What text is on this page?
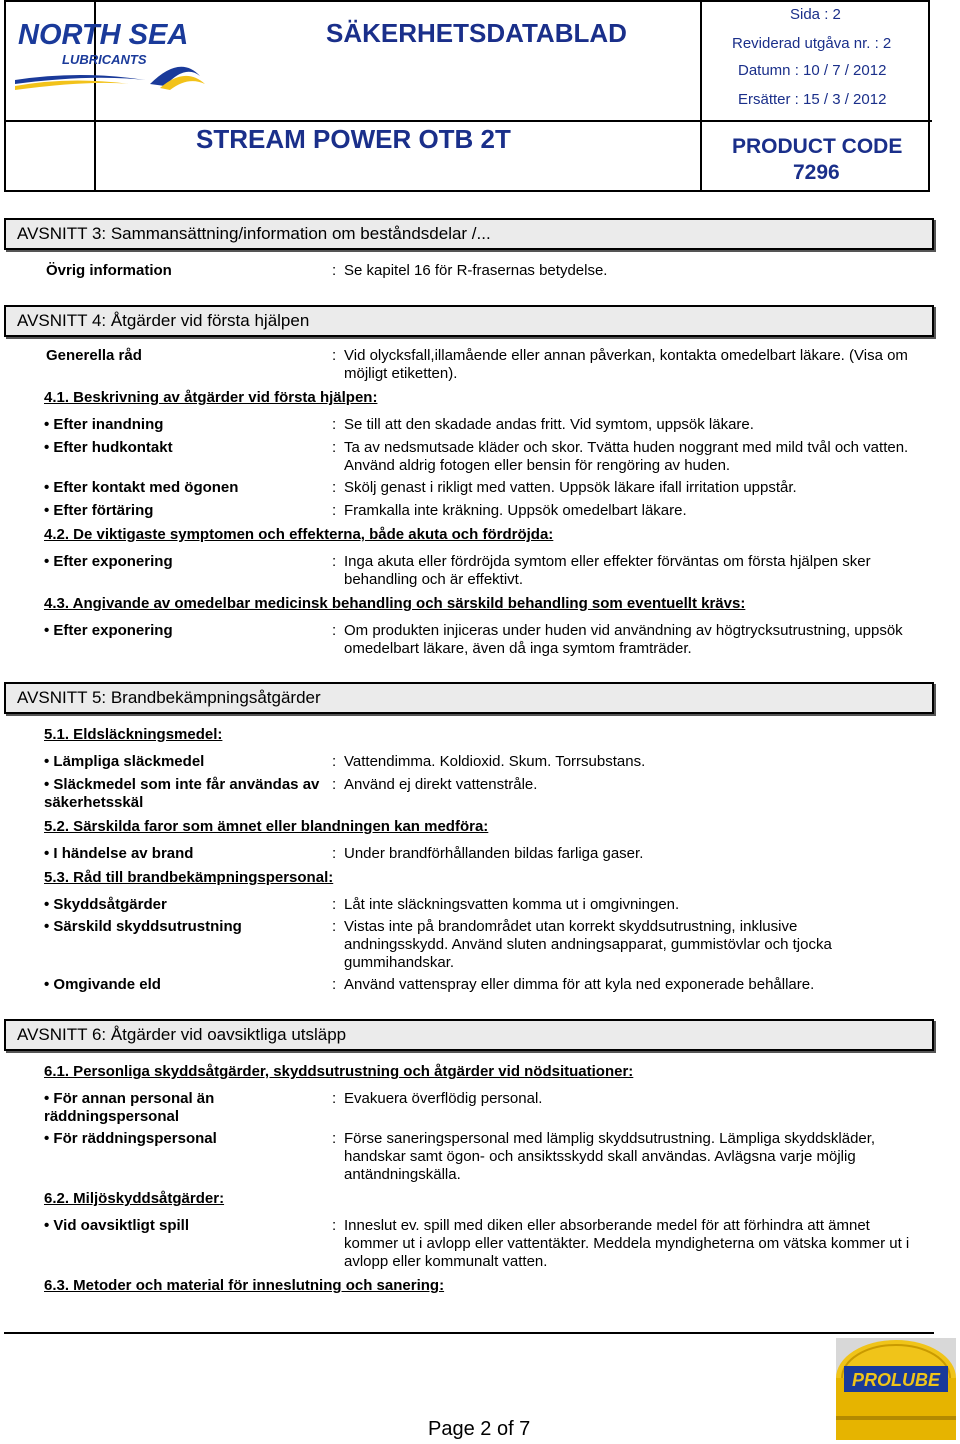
NORTH SEA
LUBRICANTS
SÄKERHETSDATABLAD
STREAM POWER OTB 2T
Sida : 2
Reviderad utgåva nr. : 2
Datumn : 10 / 7 / 2012
Ersätter : 15 / 3 / 2012
PRODUCT CODE
7296
AVSNITT 3: Sammansättning/information om beståndsdelar /...
Övrig information	: Se kapitel 16 för R-frasernas betydelse.
AVSNITT 4: Åtgärder vid första hjälpen
Generella råd	: Vid olycksfall,illamående eller annan påverkan, kontakta omedelbart läkare. (Visa om möjligt etiketten).
4.1. Beskrivning av åtgärder vid första hjälpen:
• Efter inandning	: Se till att den skadade andas fritt. Vid symtom, uppsök läkare.
• Efter hudkontakt	: Ta av nedsmutsade kläder och skor. Tvätta huden noggrant med mild tvål och vatten. Använd aldrig fotogen eller bensin för rengöring av huden.
• Efter kontakt med ögonen	: Skölj genast i rikligt med vatten. Uppsök läkare ifall irritation uppstår.
• Efter förtäring	: Framkalla inte kräkning. Uppsök omedelbart läkare.
4.2. De viktigaste symptomen och effekterna, både akuta och fördröjda:
• Efter exponering	: Inga akuta eller fördröjda symtom eller effekter förväntas om första hjälpen sker behandling och är effektivt.
4.3. Angivande av omedelbar medicinsk behandling och särskild behandling som eventuellt krävs:
• Efter exponering	: Om produkten injiceras under huden vid användning av högtrycksutrustning, uppsök omedelbart läkare, även då inga symtom framträder.
AVSNITT 5: Brandbekämpningsåtgärder
5.1. Eldsläckningsmedel:
• Lämpliga släckmedel	: Vattendimma. Koldioxid. Skum. Torrsubstans.
• Släckmedel som inte får användas av säkerhetsskäl
: Använd ej direkt vattenstråle.
5.2. Särskilda faror som ämnet eller blandningen kan medföra:
• I händelse av brand	: Under brandförhållanden bildas farliga gaser.
5.3. Råd till brandbekämpningspersonal:
• Skyddsåtgärder	: Låt inte släckningsvatten komma ut i omgivningen.
• Särskild skyddsutrustning	: Vistas inte på brandområdet utan korrekt skyddsutrustning, inklusive andningsskydd. Använd sluten andningsapparat, gummistövlar och tjocka gummihandskar.
• Omgivande eld	: Använd vattenspray eller dimma för att kyla ned exponerade behållare.
AVSNITT 6: Åtgärder vid oavsiktliga utsläpp
6.1. Personliga skyddsåtgärder, skyddsutrustning och åtgärder vid nödsituationer:
• För annan personal än räddningspersonal
: Evakuera överflödig personal.
• För räddningspersonal	: Förse saneringspersonal med lämplig skyddsutrustning. Lämpliga skyddskläder, handskar samt ögon- och ansiktsskydd skall användas. Avlägsna varje möjlig antändningskälla.
6.2. Miljöskyddsåtgärder:
• Vid oavsiktligt spill	: Inneslut ev. spill med diken eller absorberande medel för att förhindra att ämnet kommer ut i avlopp eller vattentäkter. Meddela myndigheterna om vätska kommer ut i avlopp eller kommunalt vatten.
6.3. Metoder och material för inneslutning och sanering:
Page 2 of 7
PROLUBE
